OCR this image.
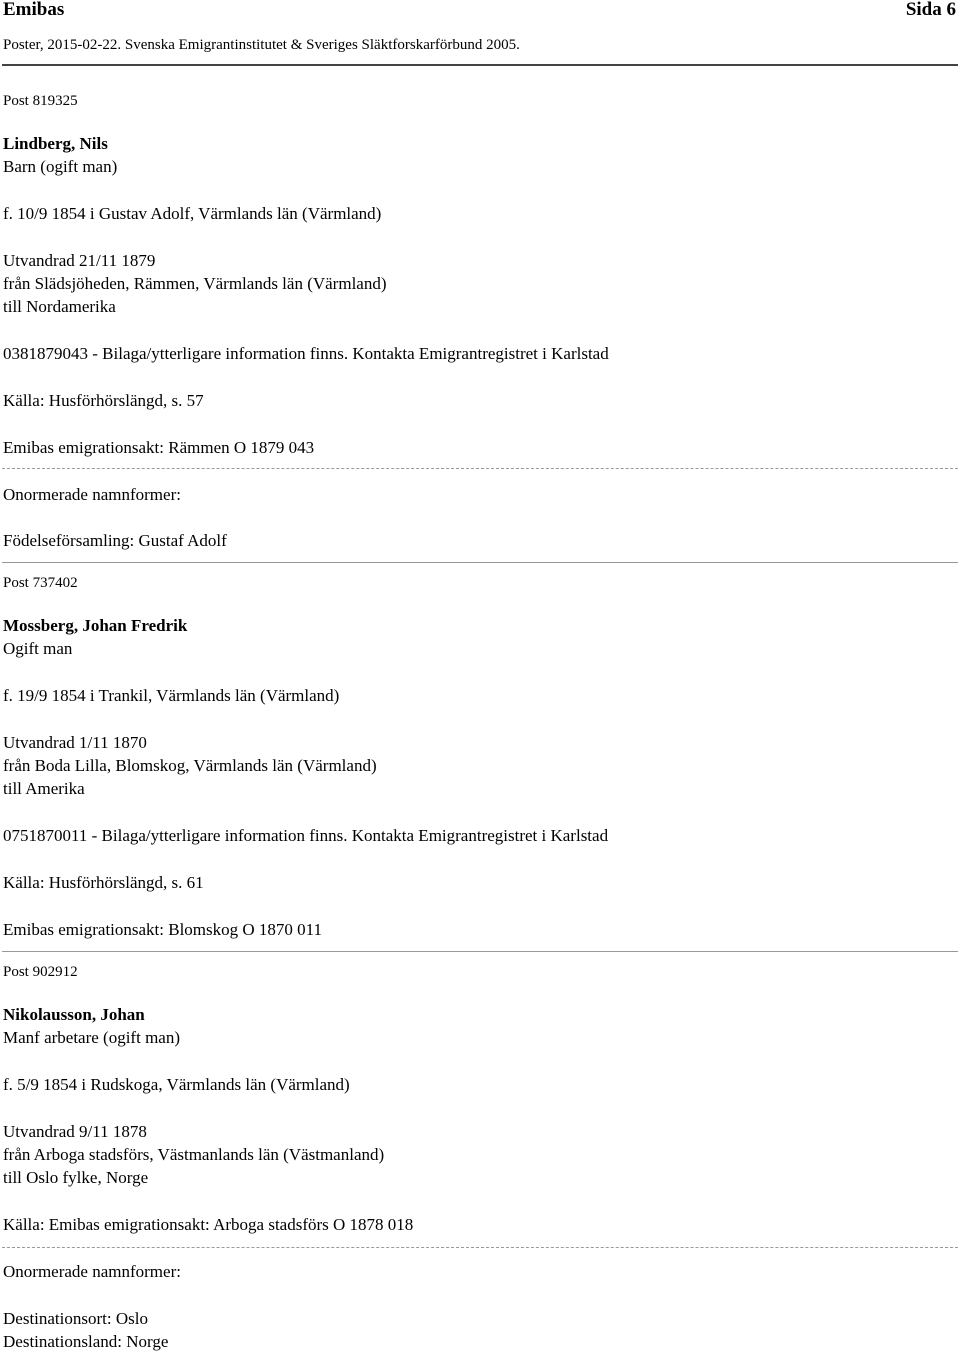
Emibas	Sida 6
Poster, 2015-02-22. Svenska Emigrantinstitutet & Sveriges Släktforskarförbund 2005.
Post 819325
Lindberg, Nils
Barn (ogift man)
f. 10/9 1854 i Gustav Adolf, Värmlands län (Värmland)
Utvandrad 21/11 1879
från Slädsjöheden, Rämmen, Värmlands län (Värmland)
till Nordamerika
0381879043 - Bilaga/ytterligare information finns. Kontakta Emigrantregistret i Karlstad
Källa: Husförhörslängd, s. 57
Emibas emigrationsakt: Rämmen O 1879 043
Onormerade namnformer:
Födelseförsamling: Gustaf Adolf
Post 737402
Mossberg, Johan Fredrik
Ogift man
f. 19/9 1854 i Trankil, Värmlands län (Värmland)
Utvandrad 1/11 1870
från Boda Lilla, Blomskog, Värmlands län (Värmland)
till Amerika
0751870011 - Bilaga/ytterligare information finns. Kontakta Emigrantregistret i Karlstad
Källa: Husförhörslängd, s. 61
Emibas emigrationsakt: Blomskog O 1870 011
Post 902912
Nikolausson, Johan
Manf arbetare (ogift man)
f. 5/9 1854 i Rudskoga, Värmlands län (Värmland)
Utvandrad 9/11 1878
från Arboga stadsförs, Västmanlands län (Västmanland)
till Oslo fylke, Norge
Källa: Emibas emigrationsakt: Arboga stadsförs O 1878 018
Onormerade namnformer:
Destinationsort: Oslo
Destinationsland: Norge
